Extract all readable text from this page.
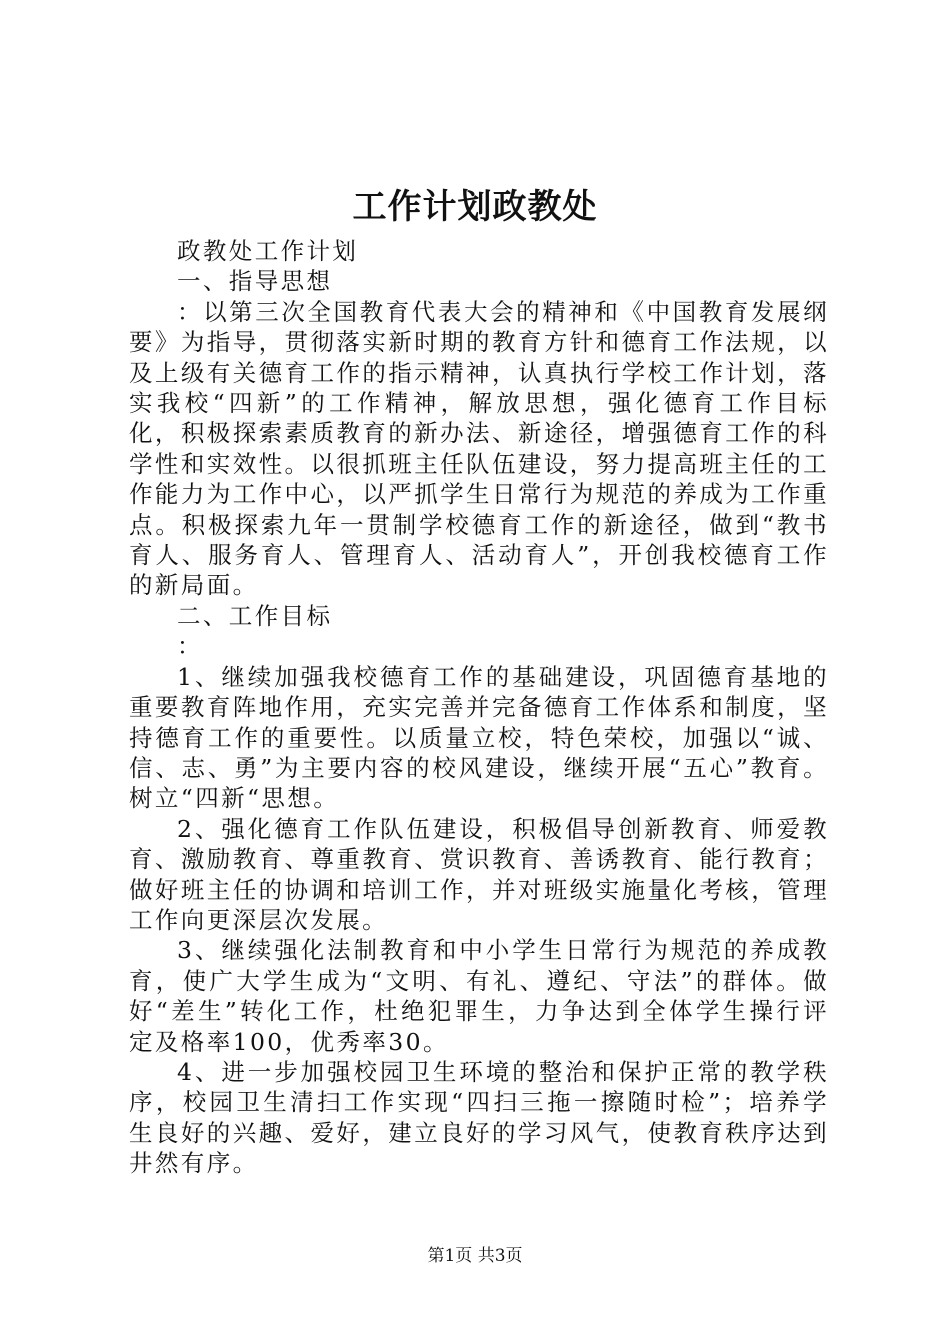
工作计划政教处

政教处工作计划

一、指导思想

：以第三次全国教育代表大会的精神和《中国教育发展纲要》为指导，贯彻落实新时期的教育方针和德育工作法规，以及上级有关德育工作的指示精神，认真执行学校工作计划，落实我校“四新”的工作精神，解放思想，强化德育工作目标化，积极探索素质教育的新办法、新途径，增强德育工作的科学性和实效性。以很抓班主任队伍建设，努力提高班主任的工作能力为工作中心，以严抓学生日常行为规范的养成为工作重点。积极探索九年一贯制学校德育工作的新途径，做到“教书育人、服务育人、管理育人、活动育人”，开创我校德育工作的新局面。

二、工作目标

：

1、继续加强我校德育工作的基础建设，巩固德育基地的重要教育阵地作用，充实完善并完备德育工作体系和制度，坚持德育工作的重要性。以质量立校，特色荣校，加强以“诚、信、志、勇”为主要内容的校风建设，继续开展“五心”教育。树立“四新“思想。

2、强化德育工作队伍建设，积极倡导创新教育、师爱教育、激励教育、尊重教育、赏识教育、善诱教育、能行教育；做好班主任的协调和培训工作，并对班级实施量化考核，管理工作向更深层次发展。

3、继续强化法制教育和中小学生日常行为规范的养成教育，使广大学生成为“文明、有礼、遵纪、守法”的群体。做好“差生”转化工作，杜绝犯罪生，力争达到全体学生操行评定及格率100，优秀率30。

4、进一步加强校园卫生环境的整治和保护正常的教学秩序，校园卫生清扫工作实现“四扫三拖一擦随时检”；培养学生良好的兴趣、爱好，建立良好的学习风气，使教育秩序达到井然有序。

第1页 共3页
